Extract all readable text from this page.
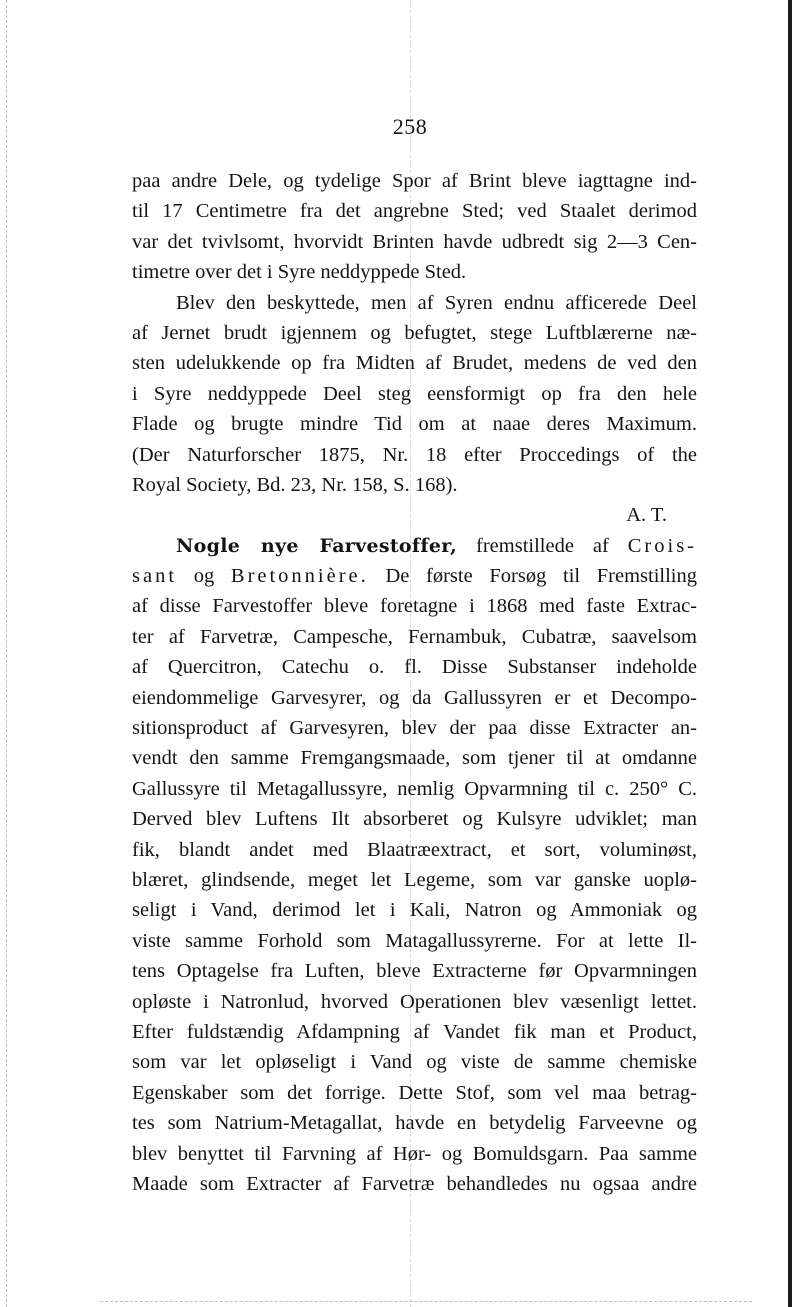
258
paa andre Dele, og tydelige Spor af Brint bleve iagttagne ind-
til 17 Centimetre fra det angrebne Sted; ved Staalet derimod
var det tvivlsomt, hvorvidt Brinten havde udbredt sig 2—3 Cen-
timetre over det i Syre neddyppede Sted.
Blev den beskyttede, men af Syren endnu afficerede Deel
af Jernet brudt igjennem og befugtet, stege Luftblærerne næ-
sten udelukkende op fra Midten af Brudet, medens de ved den
i Syre neddyppede Deel steg eensformigt op fra den hele
Flade og brugte mindre Tid om at naae deres Maximum.
(Der Naturforscher 1875, Nr. 18 efter Proccedings of the
Royal Society, Bd. 23, Nr. 158, S. 168).
A. T.
Nogle nye Farvestoffer, fremstillede af Crois-
sant og Bretonnière. De første Forsøg til Fremstilling
af disse Farvestoffer bleve foretagne i 1868 med faste Extrac-
ter af Farvetræ, Campesche, Fernambuk, Cubatræ, saavelsom
af Quercitron, Catechu o. fl. Disse Substanser indeholde
eiendommelige Garvesyrer, og da Gallussyren er et Decompo-
sitionsproduct af Garvesyren, blev der paa disse Extracter an-
vendt den samme Fremgangsmaade, som tjener til at omdanne
Gallussyre til Metagallussyre, nemlig Opvarmning til c. 250° C.
Derved blev Luftens Ilt absorberet og Kulsyre udviklet; man
fik, blandt andet med Blaatræextract, et sort, voluminøst,
blæret, glindsende, meget let Legeme, som var ganske uoplø-
seligt i Vand, derimod let i Kali, Natron og Ammoniak og
viste samme Forhold som Matagallussyrerne. For at lette Il-
tens Optagelse fra Luften, bleve Extracterne før Opvarmningen
opløste i Natronlud, hvorved Operationen blev væsenligt lettet.
Efter fuldstændig Afdampning af Vandet fik man et Product,
som var let opløseligt i Vand og viste de samme chemiske
Egenskaber som det forrige. Dette Stof, som vel maa betrag-
tes som Natrium-Metagallat, havde en betydelig Farveevne og
blev benyttet til Farvning af Hør- og Bomuldsgarn. Paa samme
Maade som Extracter af Farvetræ behandledes nu ogsaa andre
